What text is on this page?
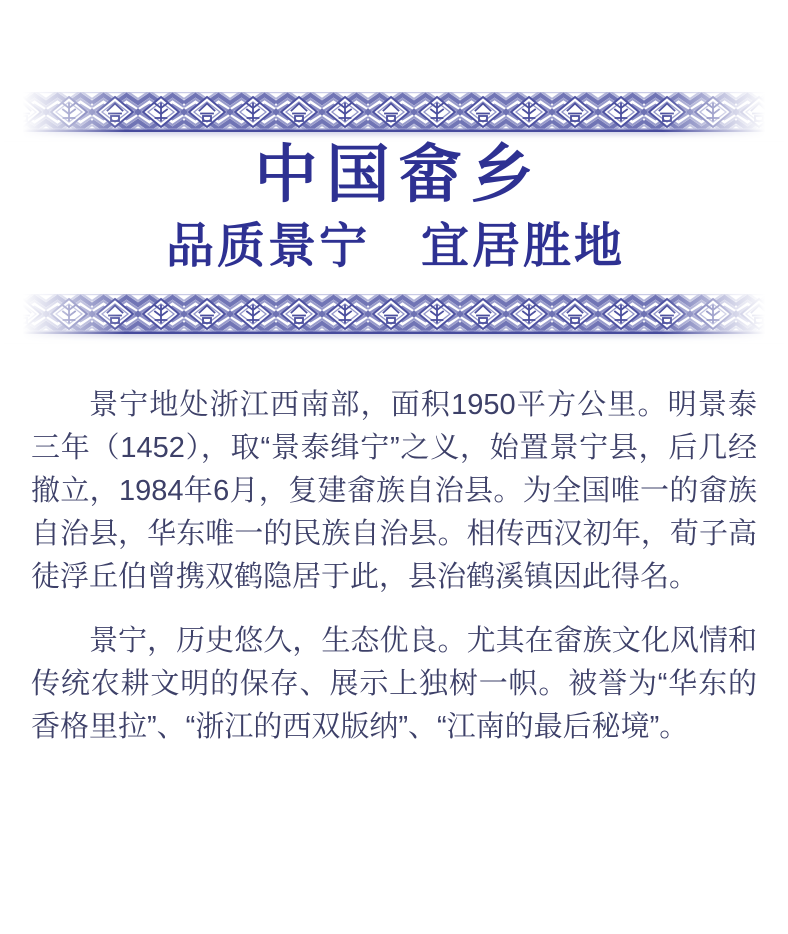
中国畲乡
品质景宁　宜居胜地

景宁地处浙江西南部，面积1950平方公里。明景泰三年（1452），取“景泰缉宁”之义，始置景宁县，后几经撤立，1984年6月，复建畲族自治县。为全国唯一的畲族自治县，华东唯一的民族自治县。相传西汉初年，荀子高徒浮丘伯曾携双鹤隐居于此，县治鹤溪镇因此得名。

景宁，历史悠久，生态优良。尤其在畲族文化风情和传统农耕文明的保存、展示上独树一帜。被誉为“华东的香格里拉”、“浙江的西双版纳”、“江南的最后秘境”。
